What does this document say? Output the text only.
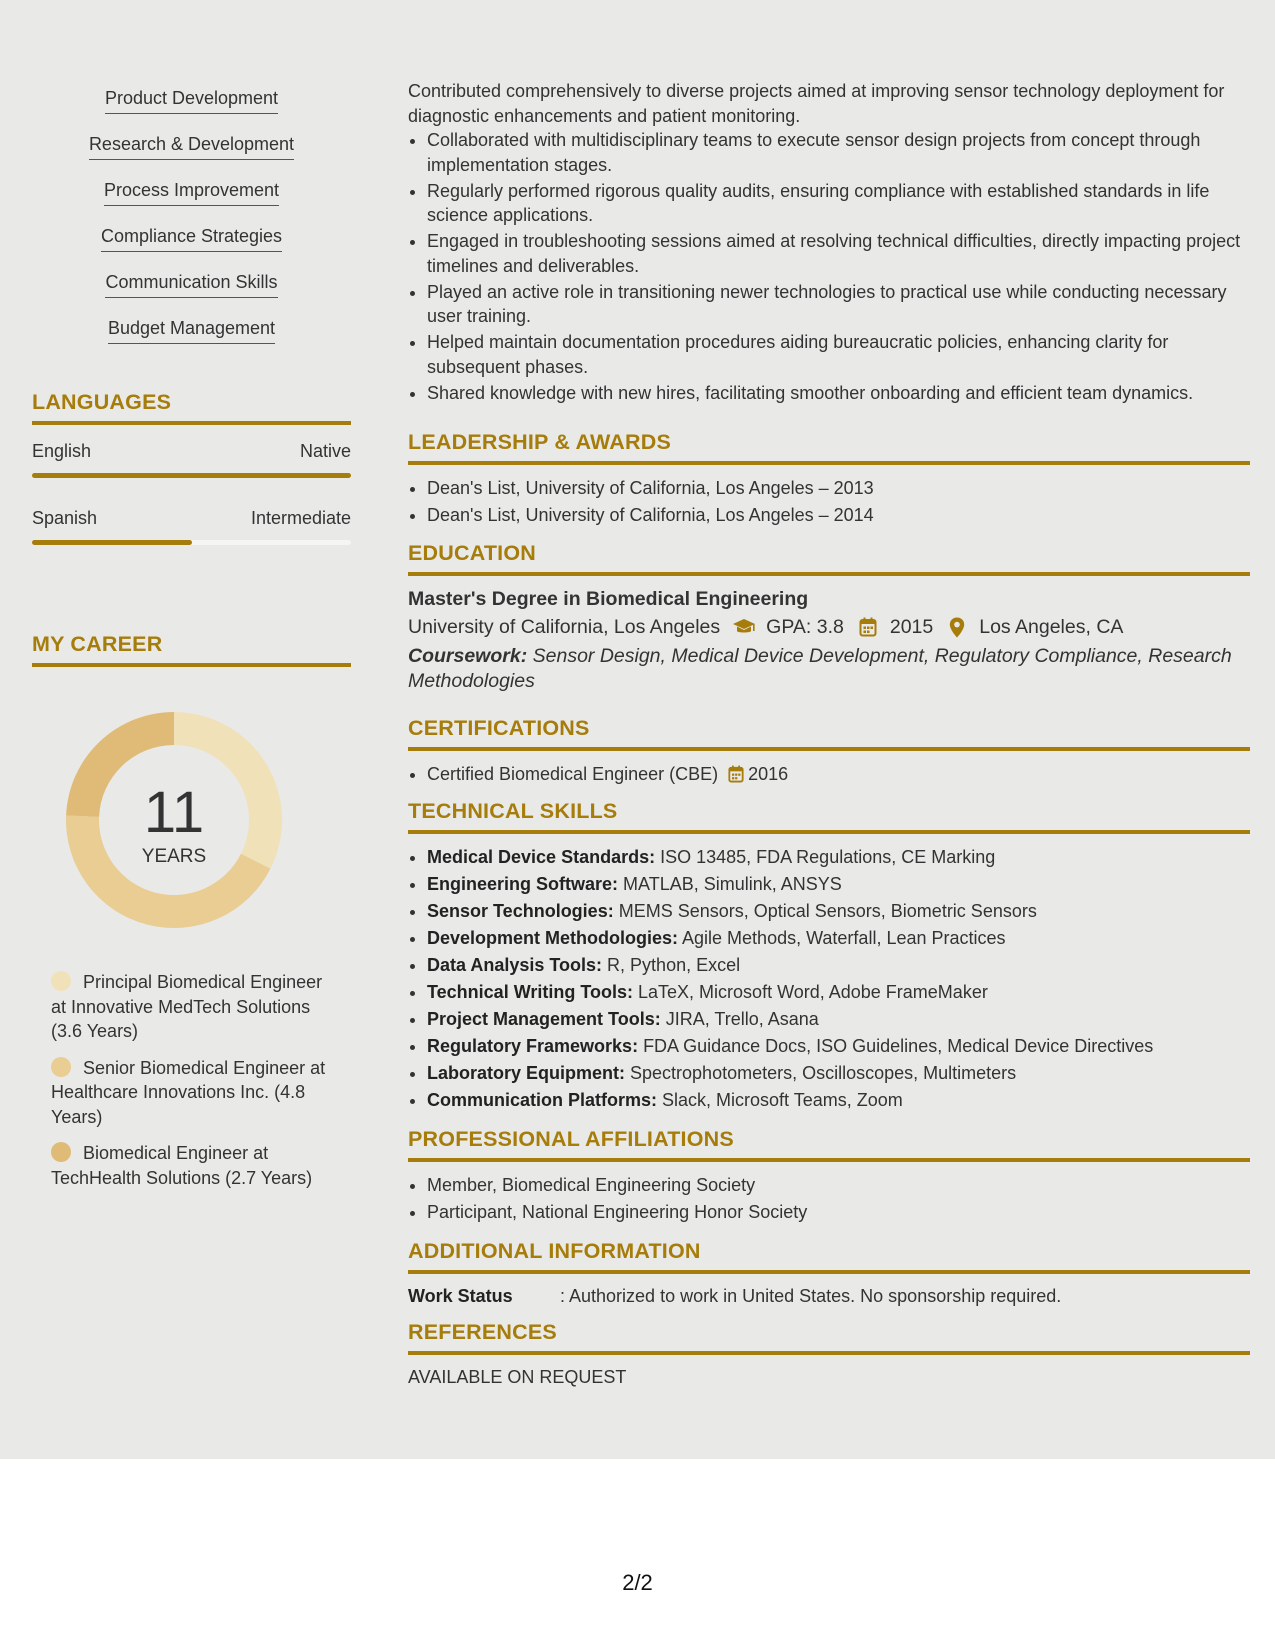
Product Development
Research & Development
Process Improvement
Compliance Strategies
Communication Skills
Budget Management
LANGUAGES
English	Native
Spanish	Intermediate
MY CAREER
11
YEARS
Principal Biomedical Engineer at Innovative MedTech Solutions (3.6 Years)
Senior Biomedical Engineer at Healthcare Innovations Inc. (4.8 Years)
Biomedical Engineer at TechHealth Solutions (2.7 Years)
Contributed comprehensively to diverse projects aimed at improving sensor technology deployment for diagnostic enhancements and patient monitoring.
• Collaborated with multidisciplinary teams to execute sensor design projects from concept through implementation stages.
• Regularly performed rigorous quality audits, ensuring compliance with established standards in life science applications.
• Engaged in troubleshooting sessions aimed at resolving technical difficulties, directly impacting project timelines and deliverables.
• Played an active role in transitioning newer technologies to practical use while conducting necessary user training.
• Helped maintain documentation procedures aiding bureaucratic policies, enhancing clarity for subsequent phases.
• Shared knowledge with new hires, facilitating smoother onboarding and efficient team dynamics.
LEADERSHIP & AWARDS
• Dean's List, University of California, Los Angeles – 2013
• Dean's List, University of California, Los Angeles – 2014
EDUCATION
Master's Degree in Biomedical Engineering
University of California, Los Angeles GPA: 3.8 2015 Los Angeles, CA
Coursework: Sensor Design, Medical Device Development, Regulatory Compliance, Research Methodologies
CERTIFICATIONS
• Certified Biomedical Engineer (CBE) 2016
TECHNICAL SKILLS
• Medical Device Standards: ISO 13485, FDA Regulations, CE Marking
• Engineering Software: MATLAB, Simulink, ANSYS
• Sensor Technologies: MEMS Sensors, Optical Sensors, Biometric Sensors
• Development Methodologies: Agile Methods, Waterfall, Lean Practices
• Data Analysis Tools: R, Python, Excel
• Technical Writing Tools: LaTeX, Microsoft Word, Adobe FrameMaker
• Project Management Tools: JIRA, Trello, Asana
• Regulatory Frameworks: FDA Guidance Docs, ISO Guidelines, Medical Device Directives
• Laboratory Equipment: Spectrophotometers, Oscilloscopes, Multimeters
• Communication Platforms: Slack, Microsoft Teams, Zoom
PROFESSIONAL AFFILIATIONS
• Member, Biomedical Engineering Society
• Participant, National Engineering Honor Society
ADDITIONAL INFORMATION
Work Status	: Authorized to work in United States. No sponsorship required.
REFERENCES
AVAILABLE ON REQUEST
2/2
